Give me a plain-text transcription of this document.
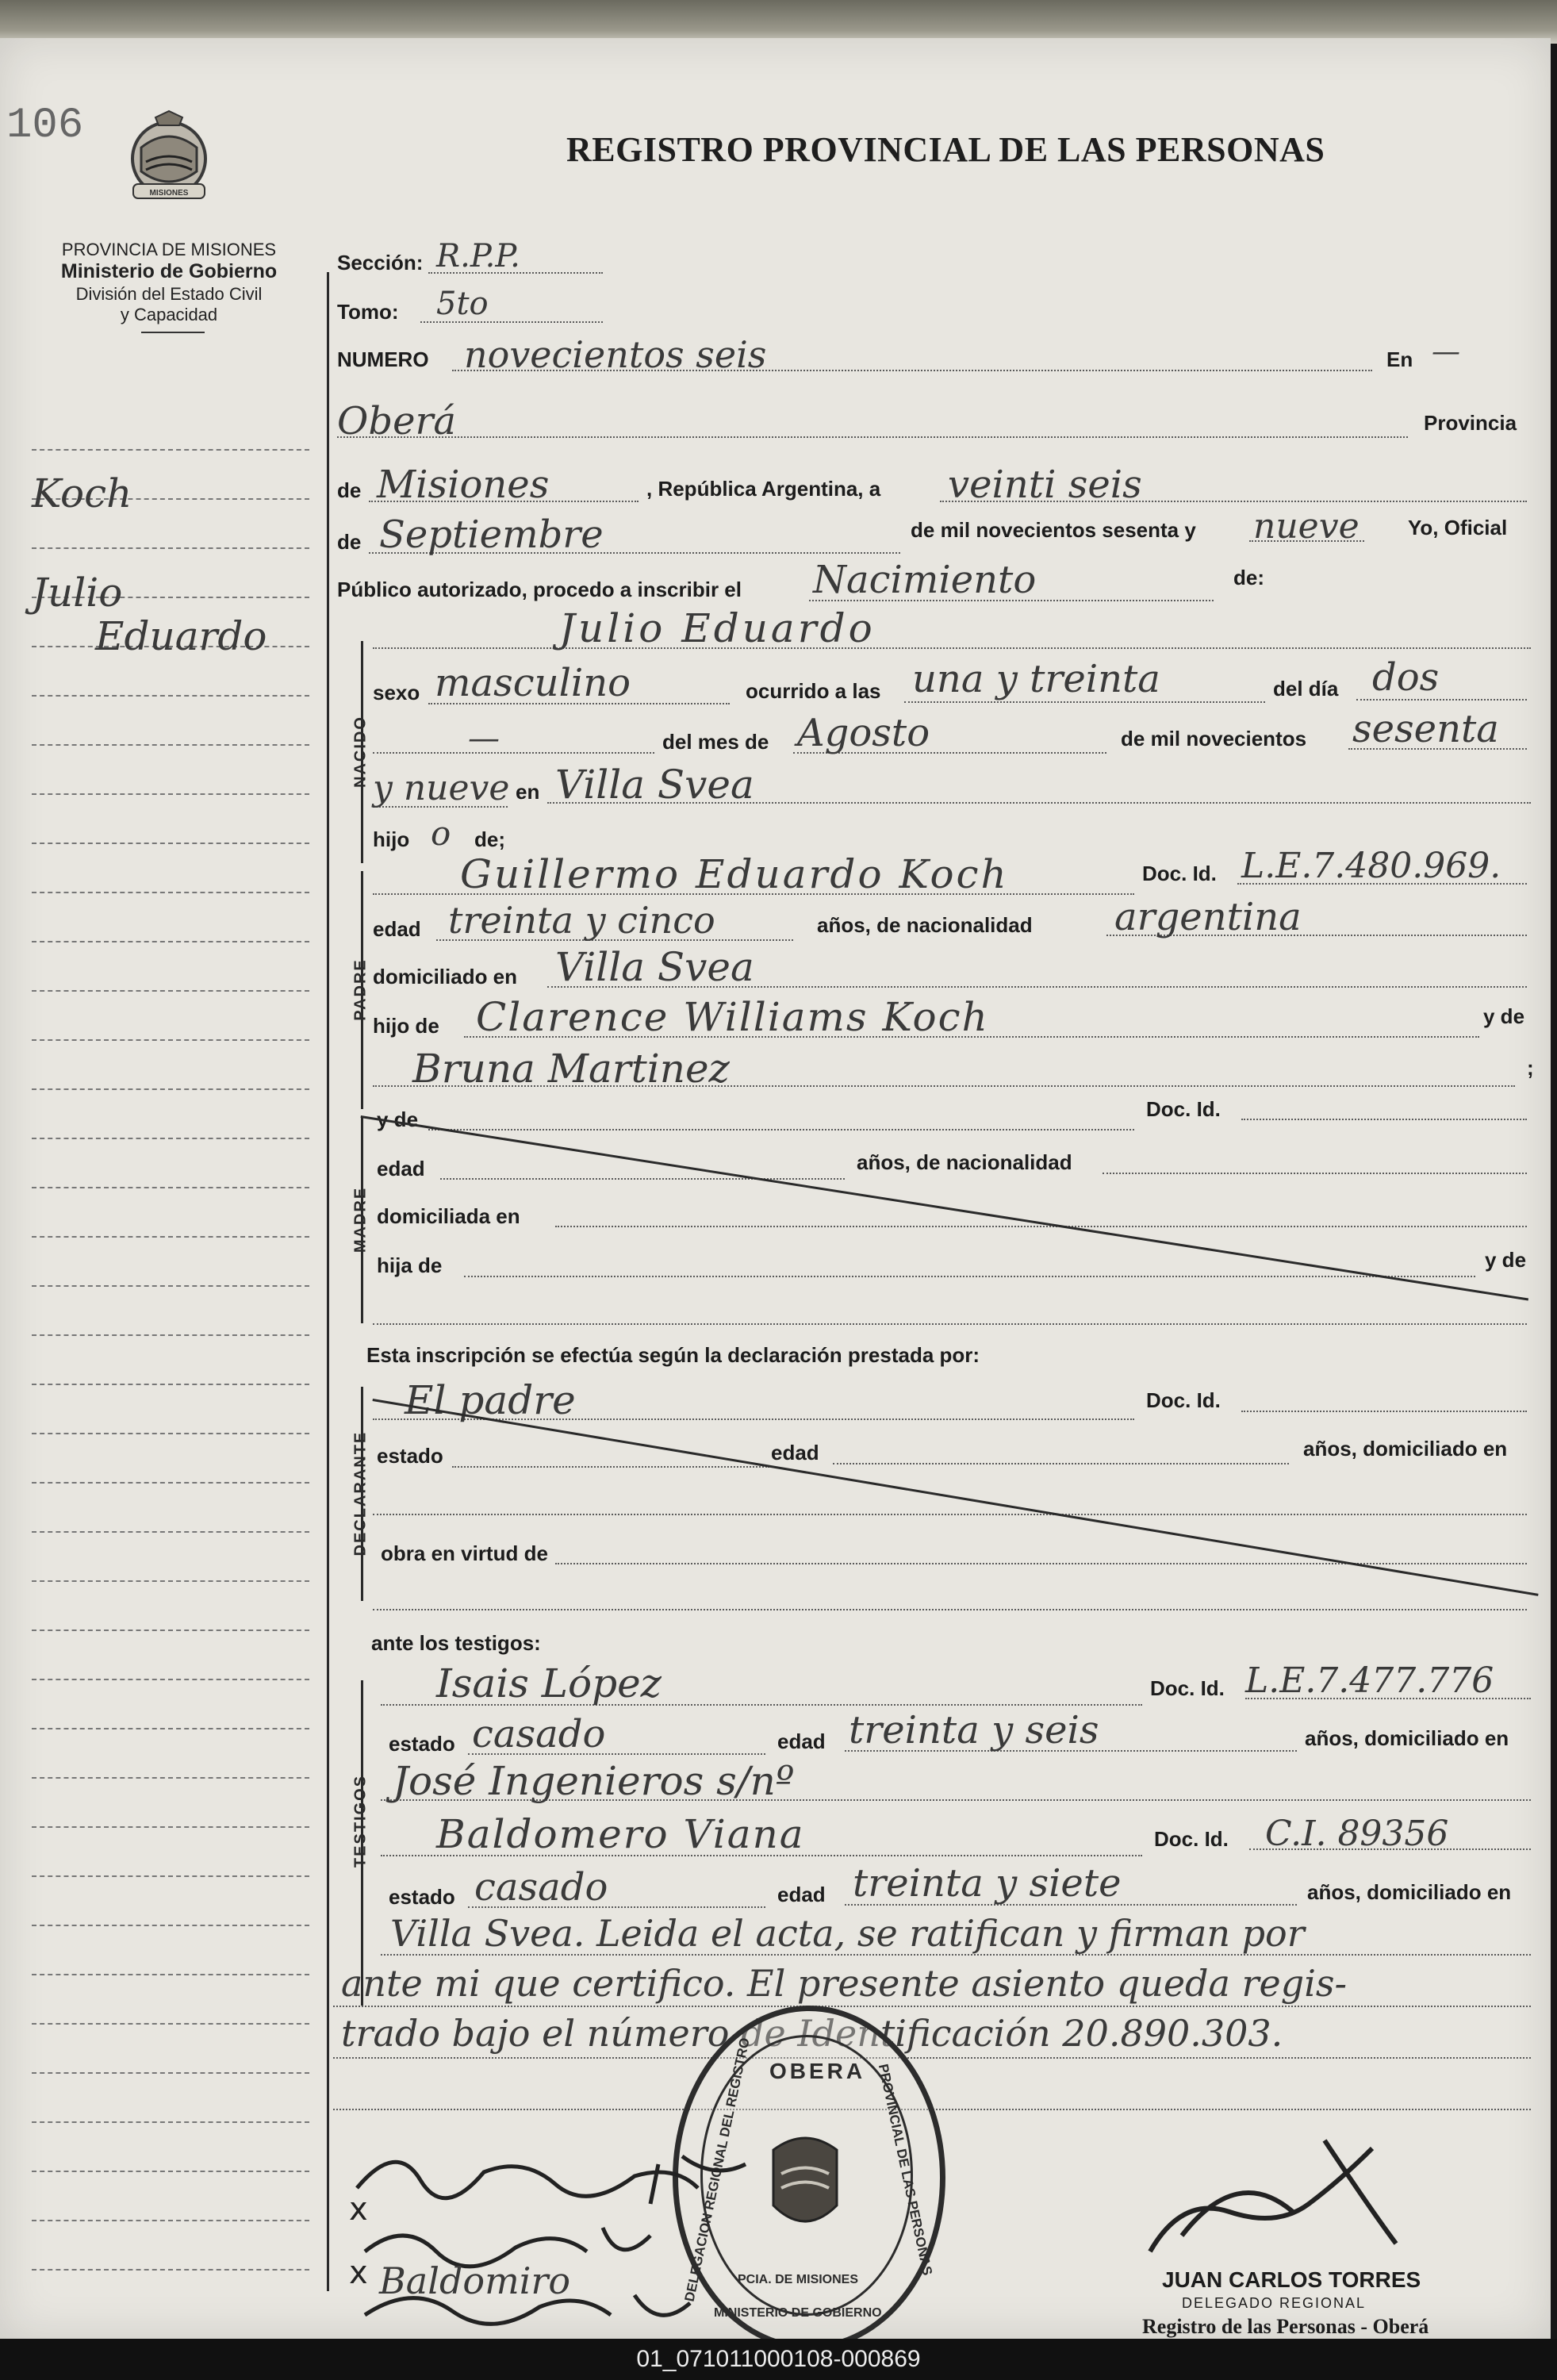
106
MISIONES
REGISTRO PROVINCIAL DE LAS PERSONAS
PROVINCIA DE MISIONES
Ministerio de Gobierno
División del Estado Civil
y Capacidad
Koch
Julio
Eduardo
NACIDO
PADRE
MADRE
DECLARANTE
TESTIGOS
Sección: R.P.P.
Tomo: 5to
NUMERO novecientos seis	En —
Oberá	Provincia
de Misiones	, República Argentina, a veinti seis
de Septiembre	de mil novecientos sesenta y nueve Yo, Oficial
Público autorizado, procedo a inscribir el Nacimiento	de:
Julio Eduardo
sexo masculino	ocurrido a las una y treinta	del día dos
—	del mes de Agosto	de mil novecientos sesenta
y nueve en Villa Svea
hijo o de;
Guillermo Eduardo Koch	Doc. Id. L.E.7.480.969.
edad treinta y cinco	años, de nacionalidad argentina
domiciliado en Villa Svea
hijo de Clarence Williams Koch	y de
Bruna Martinez	;
y de	Doc. Id.
edad	años, de nacionalidad
domiciliada en
hija de	y de
Esta inscripción se efectúa según la declaración prestada por:
El padre	Doc. Id.
estado	edad	años, domiciliado en
obra en virtud de
ante los testigos:
Isais López	Doc. Id. L.E.7.477.776
estado casado	edad treinta y seis	años, domiciliado en
José Ingenieros s/nº
Baldomero Viana	Doc. Id. C.I. 89356
estado casado	edad treinta y siete	años, domiciliado en
Villa Svea. Leida el acta, se ratifican y firman por
ante mi que certifico. El presente asiento queda regis-
trado bajo el número de Identificación 20.890.303.
OBERA
DELEGACION REGIONAL DEL REGISTRO	PROVINCIAL DE LAS PERSONAS
PCIA. DE MISIONES
MINISTERIO DE GOBIERNO
x
x Baldomiro	JUAN CARLOS TORRES
DELEGADO REGIONAL
Registro de las Personas - Oberá
01_071011000108-000869
